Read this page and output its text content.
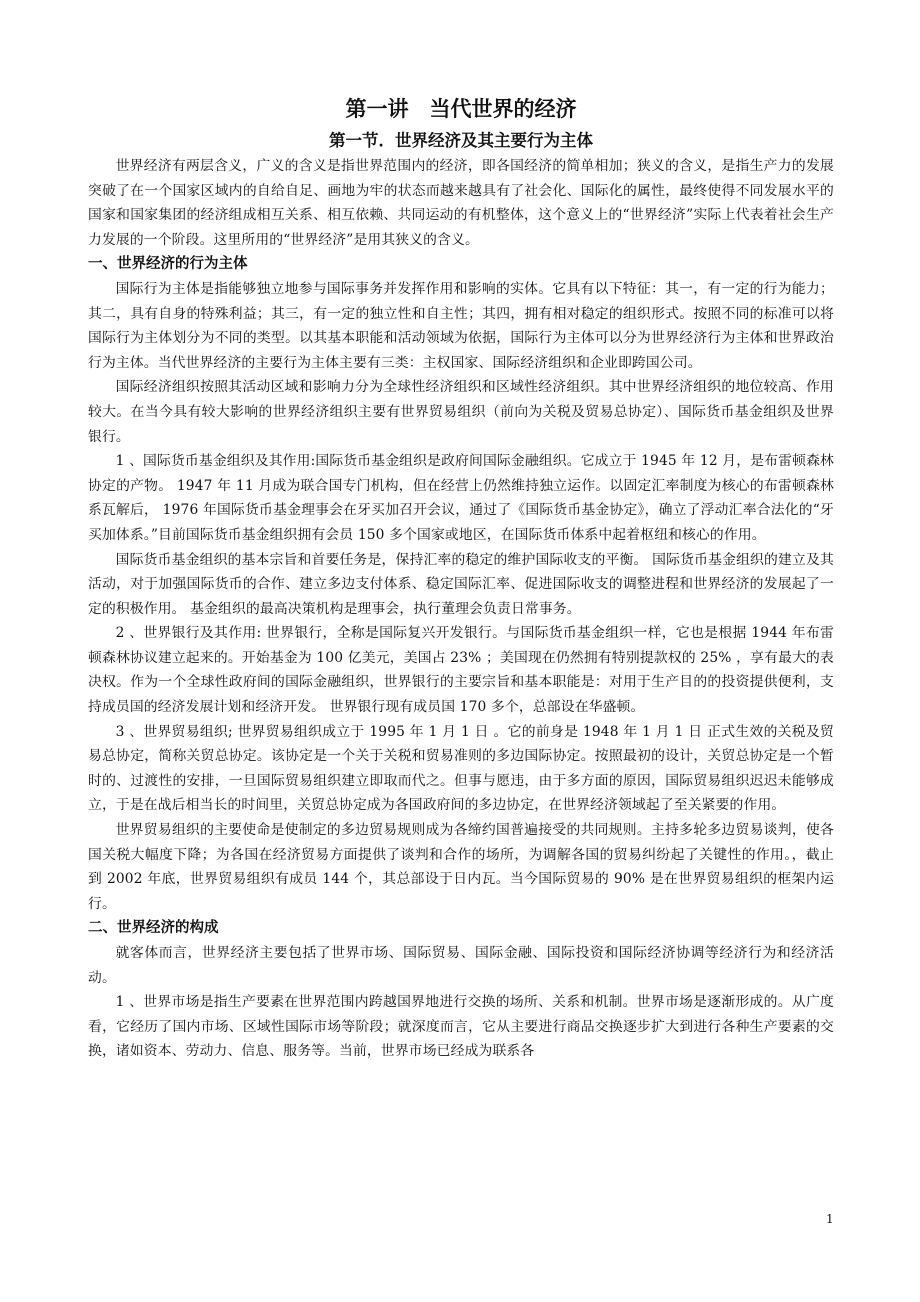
第一讲　当代世界的经济
第一节．世界经济及其主要行为主体

世界经济有两层含义，广义的含义是指世界范围内的经济，即各国经济的简单相加；狭义的含义，是指生产力的发展突破了在一个国家区域内的自给自足、画地为牢的状态而越来越具有了社会化、国际化的属性，最终使得不同发展水平的国家和国家集团的经济组成相互关系、相互依赖、共同运动的有机整体，这个意义上的“世界经济”实际上代表着社会生产力发展的一个阶段。这里所用的“世界经济”是用其狭义的含义。

一、世界经济的行为主体

国际行为主体是指能够独立地参与国际事务并发挥作用和影响的实体。它具有以下特征：其一，有一定的行为能力；其二，具有自身的特殊利益；其三，有一定的独立性和自主性；其四，拥有相对稳定的组织形式。按照不同的标准可以将国际行为主体划分为不同的类型。以其基本职能和活动领域为依据，国际行为主体可以分为世界经济行为主体和世界政治行为主体。当代世界经济的主要行为主体主要有三类：主权国家、国际经济组织和企业即跨国公司。

国际经济组织按照其活动区域和影响力分为全球性经济组织和区域性经济组织。其中世界经济组织的地位较高、作用较大。在当今具有较大影响的世界经济组织主要有世界贸易组织（前向为关税及贸易总协定）、国际货币基金组织及世界银行。

1 、国际货币基金组织及其作用:国际货币基金组织是政府间国际金融组织。它成立于 1945 年 12 月，是布雷顿森林协定的产物。 1947 年 11 月成为联合国专门机构，但在经营上仍然维持独立运作。以固定汇率制度为核心的布雷顿森林系瓦解后， 1976 年国际货币基金理事会在牙买加召开会议，通过了《国际货币基金协定》，确立了浮动汇率合法化的“牙买加体系。”目前国际货币基金组织拥有会员 150 多个国家或地区，在国际货币体系中起着枢纽和核心的作用。

国际货币基金组织的基本宗旨和首要任务是，保持汇率的稳定的维护国际收支的平衡。 国际货币基金组织的建立及其活动，对于加强国际货币的合作、建立多边支付体系、稳定国际汇率、促进国际收支的调整进程和世界经济的发展起了一定的积极作用。 基金组织的最高决策机构是理事会，执行董理会负责日常事务。

2 、世界银行及其作用: 世界银行，全称是国际复兴开发银行。与国际货币基金组织一样，它也是根据 1944 年布雷顿森林协议建立起来的。开始基金为 100 亿美元，美国占 23% ；美国现在仍然拥有特别提款权的 25% ，享有最大的表决权。作为一个全球性政府间的国际金融组织，世界银行的主要宗旨和基本职能是：对用于生产目的的投资提供便利，支持成员国的经济发展计划和经济开发。 世界银行现有成员国 170 多个，总部设在华盛顿。

3 、世界贸易组织; 世界贸易组织成立于 1995 年 1 月 1 日 。它的前身是 1948 年 1 月 1 日 正式生效的关税及贸易总协定，简称关贸总协定。该协定是一个关于关税和贸易准则的多边国际协定。按照最初的设计，关贸总协定是一个暂时的、过渡性的安排，一旦国际贸易组织建立即取而代之。但事与愿违，由于多方面的原因，国际贸易组织迟迟未能够成立，于是在战后相当长的时间里，关贸总协定成为各国政府间的多边协定，在世界经济领域起了至关紧要的作用。

世界贸易组织的主要使命是使制定的多边贸易规则成为各缔约国普遍接受的共同规则。主持多轮多边贸易谈判，使各国关税大幅度下降；为各国在经济贸易方面提供了谈判和合作的场所，为调解各国的贸易纠纷起了关键性的作用。，截止到 2002 年底，世界贸易组织有成员 144 个，其总部设于日内瓦。当今国际贸易的 90% 是在世界贸易组织的框架内运行。

二、世界经济的构成

就客体而言，世界经济主要包括了世界市场、国际贸易、国际金融、国际投资和国际经济协调等经济行为和经济活动。

1 、世界市场是指生产要素在世界范围内跨越国界地进行交换的场所、关系和机制。世界市场是逐渐形成的。从广度看，它经历了国内市场、区域性国际市场等阶段；就深度而言，它从主要进行商品交换逐步扩大到进行各种生产要素的交换，诸如资本、劳动力、信息、服务等。当前，世界市场已经成为联系各

1
